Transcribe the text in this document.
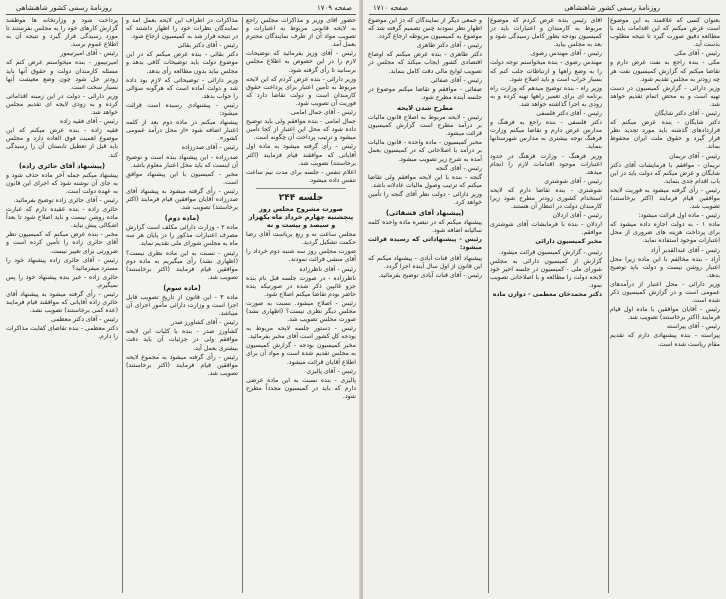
صفحه ۱۷۰۹
روزنامهٔ رسمی کشور شاهنشاهی

حضور آقای وزیر و مذاکرات مجلس راجع به لایحه قانونی مربوط به اعتبارات و تصویب مواد آن از طرف نمایندگان محترم بعمل آمد.

رئیس - آقای وزیر بفرمائید که توضیحات لازم را در این خصوص به اطلاع مجلس برسانید تا رأی گرفته شود.

وزیر دارائی - بنده عرض کردم که این لایحه مربوط به تأمین اعتبار برای پرداخت حقوق کارمندان است و دولت تقاضا دارد که فوریت آن تصویب شود.

رئیس - آقای جمال امامی

جمال امامی - بنده موافقم ولی باید توضیح داده شود که محل این اعتبار از کجا تأمین میشود و ترتیب پرداخت آن چگونه است.

رئیس - رأی گرفته میشود به ماده اول آقایانی که موافقند قیام فرمایند (اکثر برخاستند) تصویب شد.

اعلام تنفس - جلسه برای مدت نیم ساعت تنفس داده میشود.

جلسه ۲۴۴
صورت مشروح مجلس روز پنجشنبه چهارم خرداد ماه یکهزار و سیصد و بیست و نه

مجلس ساعت نه و ربع بریاست آقای رضا حکمت تشکیل گردید.

صورت مجلس روز سه شنبه دوم خرداد را آقای منشی قرائت نمودند.

رئیس - آقای ناظرزاده

ناظرزاده - در صورت جلسه قبل نام بنده جزو غائبین ذکر شده در صورتیکه بنده حاضر بودم تقاضا میکنم اصلاح شود.

رئیس - اصلاح میشود. نسبت به صورت مجلس دیگر نظری نیست؟ (اظهاری نشد) صورت مجلس تصویب شد.

رئیس - دستور جلسه لایحه مربوط به بودجه کل کشور است آقای مخبر بفرمائید.

مخبر کمیسیون بودجه - گزارش کمیسیون به مجلس تقدیم شده است و مواد آن برای اطلاع آقایان قرائت میشود.

رئیس - آقای پالیزی

پالیزی - بنده نسبت به این ماده عرضی دارم که باید در کمیسیون مجدداً مطرح شود.

مذاکرات در اطراف این لایحه بعمل آمد و نمایندگان نظرات خود را اظهار داشتند که در نتیجه قرار شد به کمیسیون ارجاع شود.

رئیس - آقای دکتر بقائی

دکتر بقائی - بنده عرض میکنم که در این موضوع دولت باید توضیحات کافی بدهد و مجلس نباید بدون مطالعه رأی بدهد.

وزیر دارائی - توضیحاتی که لازم بود داده شد و دولت آماده است که هرگونه سؤالی را جواب بدهد.

رئیس - پیشنهادی رسیده است قرائت میشود:

پیشنهاد میکنم در ماده دوم بعد از کلمه اعتبار اضافه شود «از محل درآمد عمومی کشور».

رئیس - آقای صدرزاده

صدرزاده - این پیشنهاد بنده است و توضیح آن اینست که باید محل اعتبار معلوم باشد.

مخبر - کمیسیون با این پیشنهاد موافق است.

رئیس - رأی گرفته میشود به پیشنهاد آقای صدرزاده آقایان موافقین قیام فرمایند (اکثر برخاستند) تصویب شد.

(ماده دوم)

ماده ۲ - وزارت دارائی مکلف است گزارش مصرف اعتبارات مذکور را در پایان هر سه ماه به مجلس شورای ملی تقدیم نماید.

رئیس - نسبت به این ماده نظری نیست؟ (اظهاری نشد) رأی میگیریم به ماده دوم موافقین قیام فرمایند (اکثر برخاستند) تصویب شد.

(ماده سوم)

ماده ۳ - این قانون از تاریخ تصویب قابل اجرا است و وزارت دارائی مأمور اجرای آن میباشد.

رئیس - آقای کشاورز صدر

کشاورز صدر - بنده با کلیات این لایحه موافقم ولی در جزئیات آن باید دقت بیشتری بعمل آید.

رئیس - رأی گرفته میشود به مجموع لایحه موافقین قیام فرمایند (اکثر برخاستند) تصویب شد.

پرداخت شود و وزارتخانه ها موظفند گزارش کارهای خود را به مجلس بفرستند تا مورد رسیدگی قرار گیرد و نتیجه آن به اطلاع عموم برسد.

رئیس - آقای امیرتیمور

امیرتیمور - بنده میخواستم عرض کنم که مسئله کارمندان دولت و حقوق آنها باید زودتر حل شود چون وضع معیشت آنها بسیار سخت است.

وزیر دارائی - دولت در این زمینه اقداماتی کرده و به زودی لایحه ای تقدیم مجلس خواهد شد.

رئیس - آقای فقیه زاده

فقیه زاده - بنده عرض میکنم که این موضوع اهمیت فوق العاده دارد و مجلس باید قبل از تعطیل تابستان آن را رسیدگی کند.

(پیشنهاد آقای حائری زاده)

پیشنهاد میکنم جمله آخر ماده حذف شود و به جای آن نوشته شود که اجرای این قانون به عهده دولت است.

رئیس - آقای حائری زاده توضیح بفرمائید.

حائری زاده - بنده عقیده دارم که عبارت ماده روشن نیست و باید اصلاح شود تا بعداً اشکالی پیش نیاید.

مخبر - بنده عرض میکنم که کمیسیون نظر آقای حائری زاده را تأمین کرده است و ضرورتی برای تغییر نیست.

رئیس - آقای حائری زاده پیشنهاد خود را مسترد میفرمائید؟

حائری زاده - خیر بنده پیشنهاد خود را پس نمیگیرم.

رئیس - رأی گرفته میشود به پیشنهاد آقای حائری زاده آقایانی که موافقند قیام فرمایند (عده کمی برخاستند) تصویب نشد.

رئیس - آقای دکتر معظمی

دکتر معظمی - بنده تقاضای کفایت مذاکرات را دارم.

صفحه ۱۷۱۰	روزنامهٔ رسمی کشور شاهنشاهی

بعنوان کسی که علاقمند به این موضوع است عرض میکنم که این اقدامات باید با مطالعه دقیق صورت گیرد تا نتیجه مطلوب بدست آید.

رئیس - آقای مکی

مکی - بنده راجع به نفت عرض دارم و تقاضا میکنم که گزارش کمیسیون نفت هر چه زودتر به مجلس تقدیم شود.

وزیر دارائی - گزارش کمیسیون در دست تهیه است و به محض اتمام تقدیم خواهد شد.

رئیس - آقای دکتر شایگان

دکتر شایگان - بنده عرض میکنم که قراردادهای گذشته باید مورد تجدید نظر قرار گیرد و حقوق ملت ایران محفوظ بماند.

رئیس - آقای نریمان

نریمان - موافقم با فرمایشات آقای دکتر شایگان و عرض میکنم که دولت باید در این باب اقدام جدی بنماید.

رئیس - رأی گرفته میشود به فوریت لایحه موافقین قیام فرمایند (اکثر برخاستند) تصویب شد.

رئیس - ماده اول قرائت میشود:

ماده ۱ - به دولت اجازه داده میشود که برای پرداخت هزینه های ضروری از محل اعتبارات موجود استفاده نماید.

رئیس - آقای عبدالقدیر آزاد

آزاد - بنده مخالفم با این ماده زیرا محل اعتبار روشن نیست و دولت باید توضیح بدهد.

وزیر دارائی - محل اعتبار از درآمدهای عمومی است و در گزارش کمیسیون ذکر شده است.

رئیس - آقایان موافقین با ماده اول قیام فرمایند (اکثر برخاستند) تصویب شد.

رئیس - آقای پیراسته

پیراسته - بنده پیشنهادی دارم که تقدیم مقام ریاست شده است.

آقای رئیس بنده عرض کردم که موضوع مربوط به کارمندان و اعتبارات باید در کمیسیون بودجه بطور کامل رسیدگی شود و بعد به مجلس بیاید.

رئیس - آقای مهندس رضوی

مهندس رضوی - بنده میخواستم توجه دولت را به وضع راهها و ارتباطات جلب کنم که بسیار خراب است و باید اصلاح شود.

وزیر راه - بنده توضیح میدهم که وزارت راه برنامه ای برای تعمیر راهها تهیه کرده و به زودی به اجرا گذاشته خواهد شد.

رئیس - آقای دکتر فلسفی

دکتر فلسفی - بنده راجع به فرهنگ و مدارس عرض دارم و تقاضا میکنم وزارت فرهنگ توجه بیشتری به مدارس شهرستانها بنماید.

وزیر فرهنگ - وزارت فرهنگ در حدود اعتبارات موجود اقدامات لازم را انجام میدهد.

رئیس - آقای شوشتری

شوشتری - بنده تقاضا دارم که لایحه استخدام کشوری زودتر مطرح شود زیرا کارمندان دولت در انتظار آن هستند.

رئیس - آقای اردلان

اردلان - بنده با فرمایشات آقای شوشتری موافقم.

مخبر کمیسیون دارائی

رئیس - گزارش کمیسیون قرائت میشود.

گزارش از کمیسیون دارائی به مجلس شورای ملی - کمیسیون در جلسه اخیر خود لایحه دولت را مطالعه و با اصلاحاتی تصویب نمود.

دکتر محمدخان معظمی - دوازن ماده

و جمعی دیگر از نمایندگان که در این موضوع اظهار نظر نمودند چنین تصمیم گرفته شد که موضوع به کمیسیون مربوطه ارجاع گردد.

رئیس - آقای دکتر طاهری

دکتر طاهری - بنده عرض میکنم که اوضاع اقتصادی کشور ایجاب میکند که مجلس در تصویب لوایح مالی دقت کامل بنماید.

رئیس - آقای صفائی

صفائی - موافقم و تقاضا میکنم موضوع در جلسه آینده مطرح شود.

مطرح شدن لایحه

رئیس - لایحه مربوط به اصلاح قانون مالیات بر درآمد مطرح است گزارش کمیسیون قرائت میشود.

مخبر کمیسیون - ماده واحده - قانون مالیات بر درآمد با اصلاحاتی که در کمیسیون بعمل آمده به شرح زیر تصویب میشود.

رئیس - آقای گنجه

گنجه - بنده با این لایحه موافقم ولی تقاضا میکنم که ترتیب وصول مالیات عادلانه باشد.

وزیر دارائی - دولت نظر آقای گنجه را تأمین خواهد کرد.

(پیشنهاد آقای قشقائی)

پیشنهاد میکنم که در تبصره ماده واحده کلمه سالیانه اضافه شود.

رئیس - پیشنهاداتی که رسیده قرائت میشود:

پیشنهاد آقای قنات آبادی - پیشنهاد میکنم که این قانون از اول سال آینده اجرا گردد.

رئیس - آقای قنات آبادی توضیح بفرمائید.
